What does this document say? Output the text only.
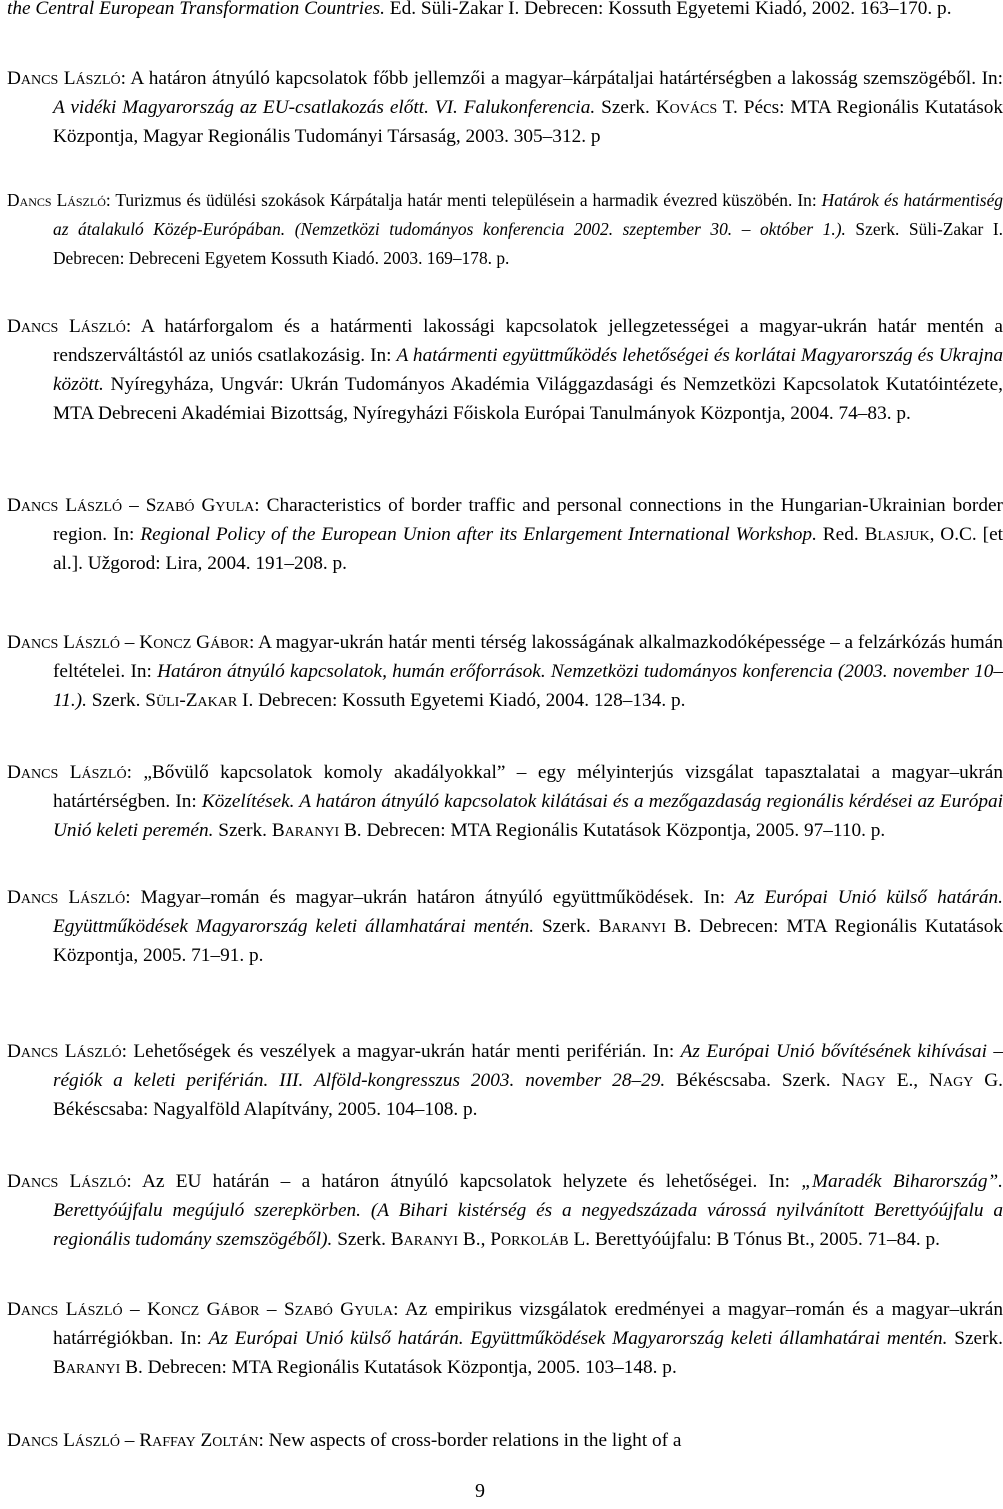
the Central European Transformation Countries. Ed. Süli-Zakar I. Debrecen: Kossuth Egyetemi Kiadó, 2002. 163–170. p.

Dancs László: A határon átnyúló kapcsolatok főbb jellemzői a magyar–kárpátaljai határtérségben a lakosság szemszögéből. In: A vidéki Magyarország az EU-csatlakozás előtt. VI. Falukonferencia. Szerk. Kovács T. Pécs: MTA Regionális Kutatások Központja, Magyar Regionális Tudományi Társaság, 2003. 305–312. p

Dancs László: Turizmus és üdülési szokások Kárpátalja határ menti településein a harmadik évezred küszöbén. In: Határok és határmentiség az átalakuló Közép-Európában. (Nemzetközi tudományos konferencia 2002. szeptember 30. – október 1.). Szerk. Süli-Zakar I. Debrecen: Debreceni Egyetem Kossuth Kiadó. 2003. 169–178. p.

Dancs László: A határforgalom és a határmenti lakossági kapcsolatok jellegzetességei a magyar-ukrán határ mentén a rendszerváltástól az uniós csatlakozásig. In: A határmenti együttműködés lehetőségei és korlátai Magyarország és Ukrajna között. Nyíregyháza, Ungvár: Ukrán Tudományos Akadémia Világgazdasági és Nemzetközi Kapcsolatok Kutatóintézete, MTA Debreceni Akadémiai Bizottság, Nyíregyházi Főiskola Európai Tanulmányok Központja, 2004. 74–83. p.

Dancs László – Szabó Gyula: Characteristics of border traffic and personal connections in the Hungarian-Ukrainian border region. In: Regional Policy of the European Union after its Enlargement International Workshop. Red. Blasjuk, O.C. [et al.]. Užgorod: Lira, 2004. 191–208. p.

Dancs László – Koncz Gábor: A magyar-ukrán határ menti térség lakosságának alkalmazkodóképessége – a felzárkózás humán feltételei. In: Határon átnyúló kapcsolatok, humán erőforrások. Nemzetközi tudományos konferencia (2003. november 10–11.). Szerk. Süli-Zakar I. Debrecen: Kossuth Egyetemi Kiadó, 2004. 128–134. p.

Dancs László: „Bővülő kapcsolatok komoly akadályokkal” – egy mélyinterjús vizsgálat tapasztalatai a magyar–ukrán határtérségben. In: Közelítések. A határon átnyúló kapcsolatok kilátásai és a mezőgazdaság regionális kérdései az Európai Unió keleti peremén. Szerk. Baranyi B. Debrecen: MTA Regionális Kutatások Központja, 2005. 97–110. p.

Dancs László: Magyar–román és magyar–ukrán határon átnyúló együttműködések. In: Az Európai Unió külső határán. Együttműködések Magyarország keleti államhatárai mentén. Szerk. Baranyi B. Debrecen: MTA Regionális Kutatások Központja, 2005. 71–91. p.

Dancs László: Lehetőségek és veszélyek a magyar-ukrán határ menti periférián. In: Az Európai Unió bővítésének kihívásai – régiók a keleti periférián. III. Alföld-kongresszus 2003. november 28–29. Békéscsaba. Szerk. Nagy E., Nagy G. Békéscsaba: Nagyalföld Alapítvány, 2005. 104–108. p.

Dancs László: Az EU határán – a határon átnyúló kapcsolatok helyzete és lehetőségei. In: „Maradék Biharország”. Berettyóújfalu megújuló szerepkörben. (A Bihari kistérség és a negyedszázada várossá nyilvánított Berettyóújfalu a regionális tudomány szemszögéből). Szerk. Baranyi B., Porkoláb L. Berettyóújfalu: B Tónus Bt., 2005. 71–84. p.

Dancs László – Koncz Gábor – Szabó Gyula: Az empirikus vizsgálatok eredményei a magyar–román és a magyar–ukrán határrégiókban. In: Az Európai Unió külső határán. Együttműködések Magyarország keleti államhatárai mentén. Szerk. Baranyi B. Debrecen: MTA Regionális Kutatások Központja, 2005. 103–148. p.

Dancs László – Raffay Zoltán: New aspects of cross-border relations in the light of a

9
